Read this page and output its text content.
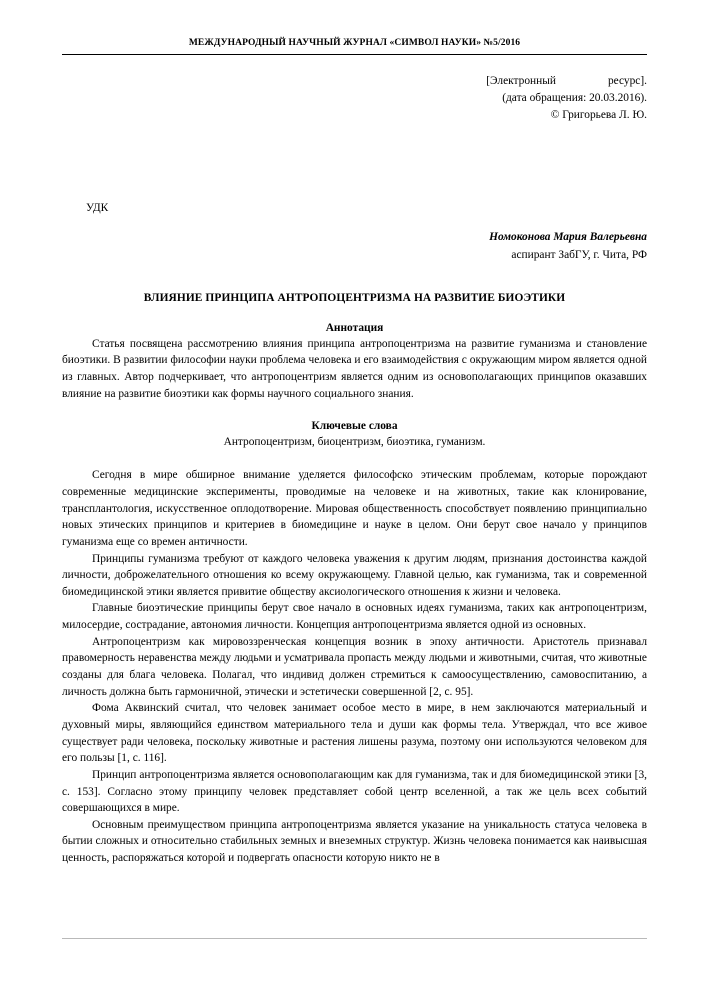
МЕЖДУНАРОДНЫЙ НАУЧНЫЙ ЖУРНАЛ «СИМВОЛ НАУКИ» №5/2016
[Электронный	ресурс].
(дата обращения: 20.03.2016).
© Григорьева Л. Ю.
УДК
Номоконова Мария Валерьевна
аспирант ЗабГУ, г. Чита, РФ
ВЛИЯНИЕ ПРИНЦИПА АНТРОПОЦЕНТРИЗМА НА РАЗВИТИЕ БИОЭТИКИ
Аннотация
Статья посвящена рассмотрению влияния принципа антропоцентризма на развитие гуманизма и становление биоэтики. В развитии философии науки проблема человека и его взаимодействия с окружающим миром является одной из главных. Автор подчеркивает, что антропоцентризм является одним из основополагающих принципов оказавших влияние на развитие биоэтики как формы научного социального знания.
Ключевые слова
Антропоцентризм, биоцентризм, биоэтика, гуманизм.

Сегодня в мире обширное внимание уделяется философско этическим проблемам, которые порождают современные медицинские эксперименты, проводимые на человеке и на животных, такие как клонирование, трансплантология, искусственное оплодотворение. Мировая общественность способствует появлению принципиально новых этических принципов и критериев в биомедицине и науке в целом. Они берут свое начало у принципов гуманизма еще со времен античности.

Принципы гуманизма требуют от каждого человека уважения к другим людям, признания достоинства каждой личности, доброжелательного отношения ко всему окружающему. Главной целью, как гуманизма, так и современной биомедицинской этики является привитие обществу аксиологического отношения к жизни и человека.

Главные биоэтические принципы берут свое начало в основных идеях гуманизма, таких как антропоцентризм, милосердие, сострадание, автономия личности. Концепция антропоцентризма является одной из основных.

Антропоцентризм как мировоззренческая концепция возник в эпоху античности. Аристотель признавал правомерность неравенства между людьми и усматривала пропасть между людьми и животными, считая, что животные созданы для блага человека. Полагал, что индивид должен стремиться к самоосуществлению, самовоспитанию, а личность должна быть гармоничной, этически и эстетически совершенной [2, с. 95].

Фома Аквинский считал, что человек занимает особое место в мире, в нем заключаются материальный и духовный миры, являющийся единством материального тела и души как формы тела. Утверждал, что все живое существует ради человека, поскольку животные и растения лишены разума, поэтому они используются человеком для его пользы [1, с. 116].

Принцип антропоцентризма является основополагающим как для гуманизма, так и для биомедицинской этики [3, с. 153]. Согласно этому принципу человек представляет собой центр вселенной, а так же цель всех событий совершающихся в мире.

Основным преимуществом принципа антропоцентризма является указание на уникальность статуса человека в бытии сложных и относительно стабильных земных и внеземных структур. Жизнь человека понимается как наивысшая ценность, распоряжаться которой и подвергать опасности которую никто не в
